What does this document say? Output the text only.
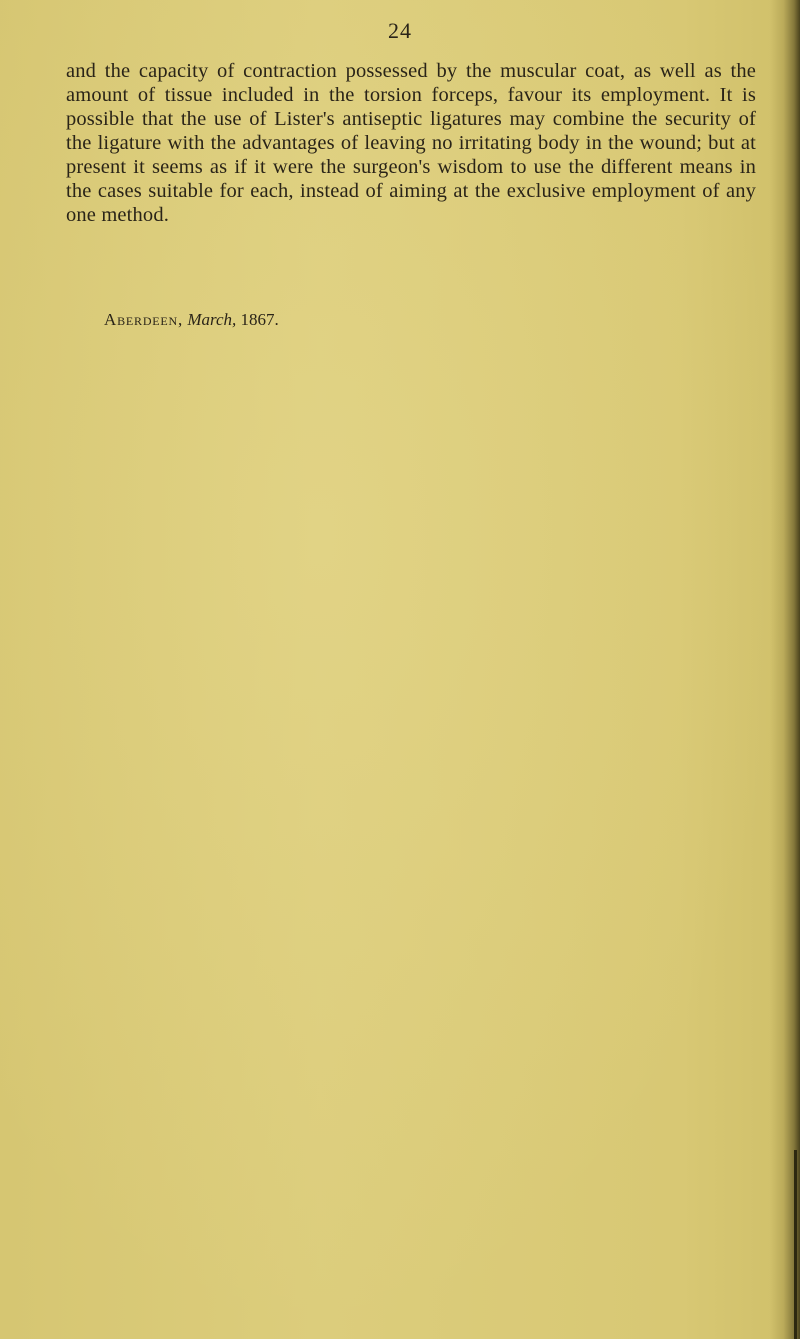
24

and the capacity of contraction possessed by the muscular coat, as well as the amount of tissue included in the torsion forceps, favour its employment. It is possible that the use of Lister's antiseptic ligatures may combine the security of the ligature with the advantages of leaving no irritating body in the wound; but at present it seems as if it were the surgeon's wisdom to use the different means in the cases suitable for each, instead of aiming at the exclusive employment of any one method.

Aberdeen, March, 1867.
